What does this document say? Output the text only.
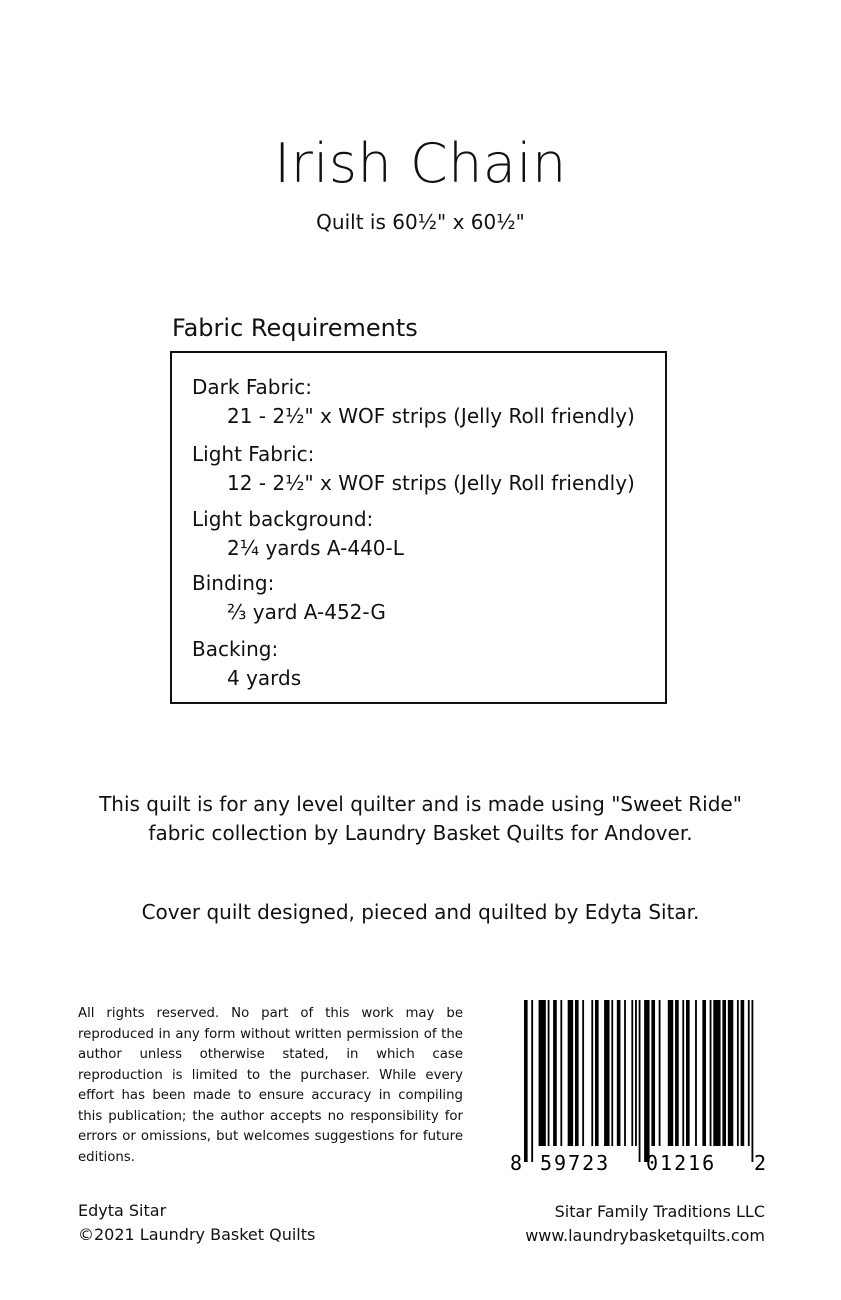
Irish Chain
Quilt is 60½" x 60½"
Fabric Requirements
Dark Fabric:
21 - 2½" x WOF strips (Jelly Roll friendly)
Light Fabric:
12 - 2½" x WOF strips (Jelly Roll friendly)
Light background:
2¼ yards A-440-L
Binding:
⅔ yard A-452-G
Backing:
4 yards
This quilt is for any level quilter and is made using "Sweet Ride"
fabric collection by Laundry Basket Quilts for Andover.
Cover quilt designed, pieced and quilted by Edyta Sitar.
All rights reserved. No part of this work may be reproduced in any form without written permission of the author unless otherwise stated, in which case reproduction is limited to the purchaser. While every effort has been made to ensure accuracy in compiling this publication; the author accepts no responsibility for errors or omissions, but welcomes suggestions for future editions.	8 59723 01216 2
Edyta Sitar
©2021 Laundry Basket Quilts
Sitar Family Traditions LLC
www.laundrybasketquilts.com
